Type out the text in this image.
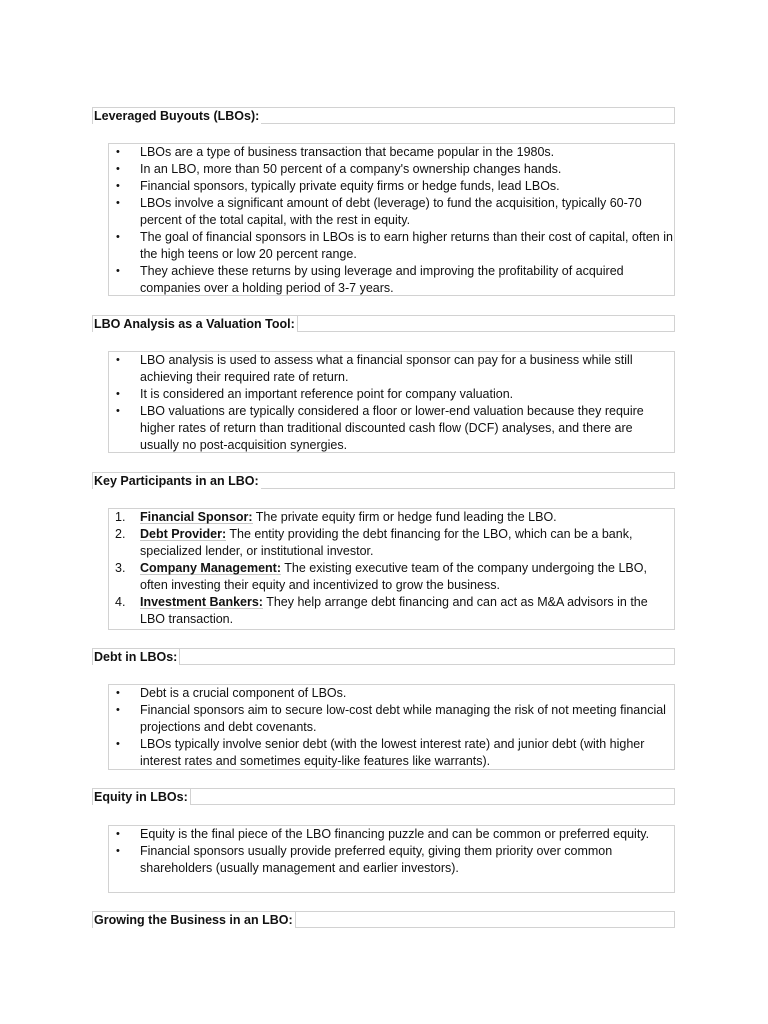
Leveraged Buyouts (LBOs):
• LBOs are a type of business transaction that became popular in the 1980s.
• In an LBO, more than 50 percent of a company's ownership changes hands.
• Financial sponsors, typically private equity firms or hedge funds, lead LBOs.
• LBOs involve a significant amount of debt (leverage) to fund the acquisition, typically 60-70 percent of the total capital, with the rest in equity.
• The goal of financial sponsors in LBOs is to earn higher returns than their cost of capital, often in the high teens or low 20 percent range.
• They achieve these returns by using leverage and improving the profitability of acquired companies over a holding period of 3-7 years.
LBO Analysis as a Valuation Tool:
• LBO analysis is used to assess what a financial sponsor can pay for a business while still achieving their required rate of return.
• It is considered an important reference point for company valuation.
• LBO valuations are typically considered a floor or lower-end valuation because they require higher rates of return than traditional discounted cash flow (DCF) analyses, and there are usually no post-acquisition synergies.
Key Participants in an LBO:
1. Financial Sponsor: The private equity firm or hedge fund leading the LBO.
2. Debt Provider: The entity providing the debt financing for the LBO, which can be a bank, specialized lender, or institutional investor.
3. Company Management: The existing executive team of the company undergoing the LBO, often investing their equity and incentivized to grow the business.
4. Investment Bankers: They help arrange debt financing and can act as M&A advisors in the LBO transaction.
Debt in LBOs:
• Debt is a crucial component of LBOs.
• Financial sponsors aim to secure low-cost debt while managing the risk of not meeting financial projections and debt covenants.
• LBOs typically involve senior debt (with the lowest interest rate) and junior debt (with higher interest rates and sometimes equity-like features like warrants).
Equity in LBOs:
• Equity is the final piece of the LBO financing puzzle and can be common or preferred equity.
• Financial sponsors usually provide preferred equity, giving them priority over common shareholders (usually management and earlier investors).
Growing the Business in an LBO:
